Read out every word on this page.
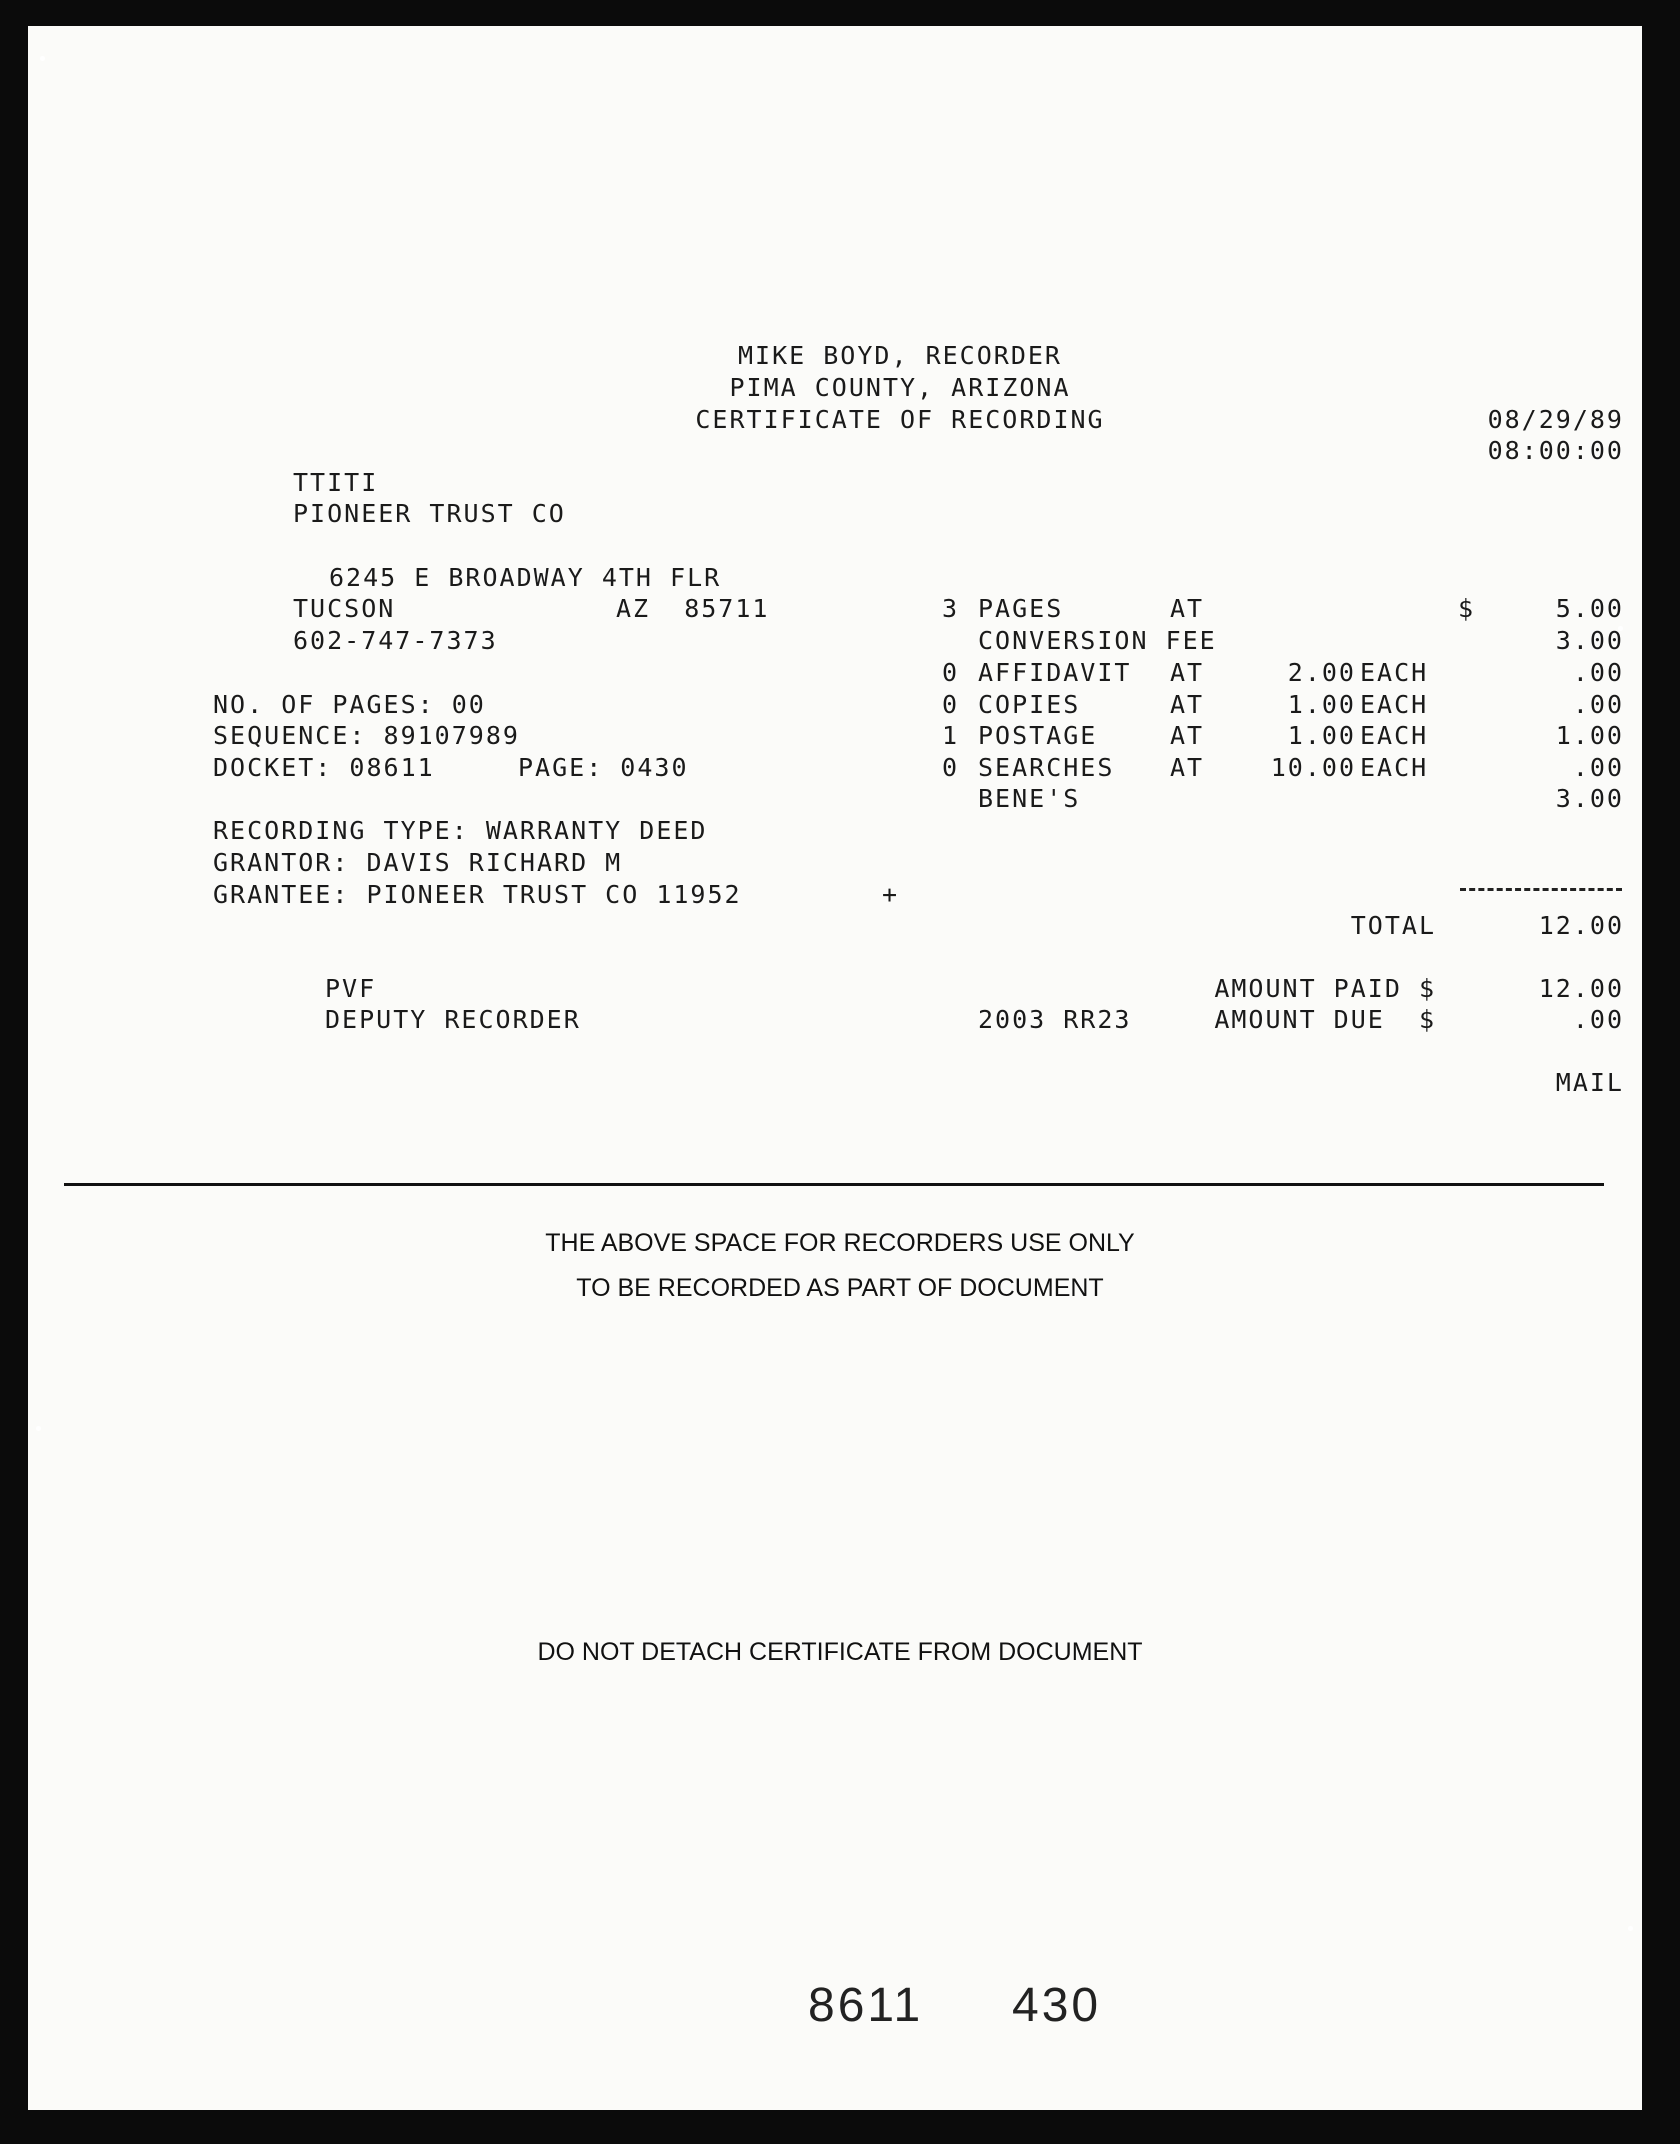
MIKE BOYD, RECORDER

PIMA COUNTY, ARIZONA

CERTIFICATE OF RECORDING	08/29/89

08:00:00

TTITI

PIONEER TRUST CO

6245 E BROADWAY 4TH FLR

TUCSON	AZ  85711

602-747-7373

NO. OF PAGES: 00

SEQUENCE: 89107989

DOCKET: 08611	PAGE: 0430

RECORDING TYPE: WARRANTY DEED

GRANTOR: DAVIS RICHARD M

GRANTEE: PIONEER TRUST CO 11952	+

3 PAGES	AT	$	5.00

CONVERSION FEE	3.00

0 AFFIDAVIT AT	2.00 EACH	.00

0 COPIES	AT	1.00 EACH	.00

1 POSTAGE	AT	1.00 EACH	1.00

0 SEARCHES AT	10.00 EACH	.00

BENE'S	3.00

TOTAL	12.00

PVF

DEPUTY RECORDER

AMOUNT PAID $	12.00

2003 RR23	AMOUNT DUE  $	.00

MAIL

THE ABOVE SPACE FOR RECORDERS USE ONLY

TO BE RECORDED AS PART OF DOCUMENT

DO NOT DETACH CERTIFICATE FROM DOCUMENT

8611 430
